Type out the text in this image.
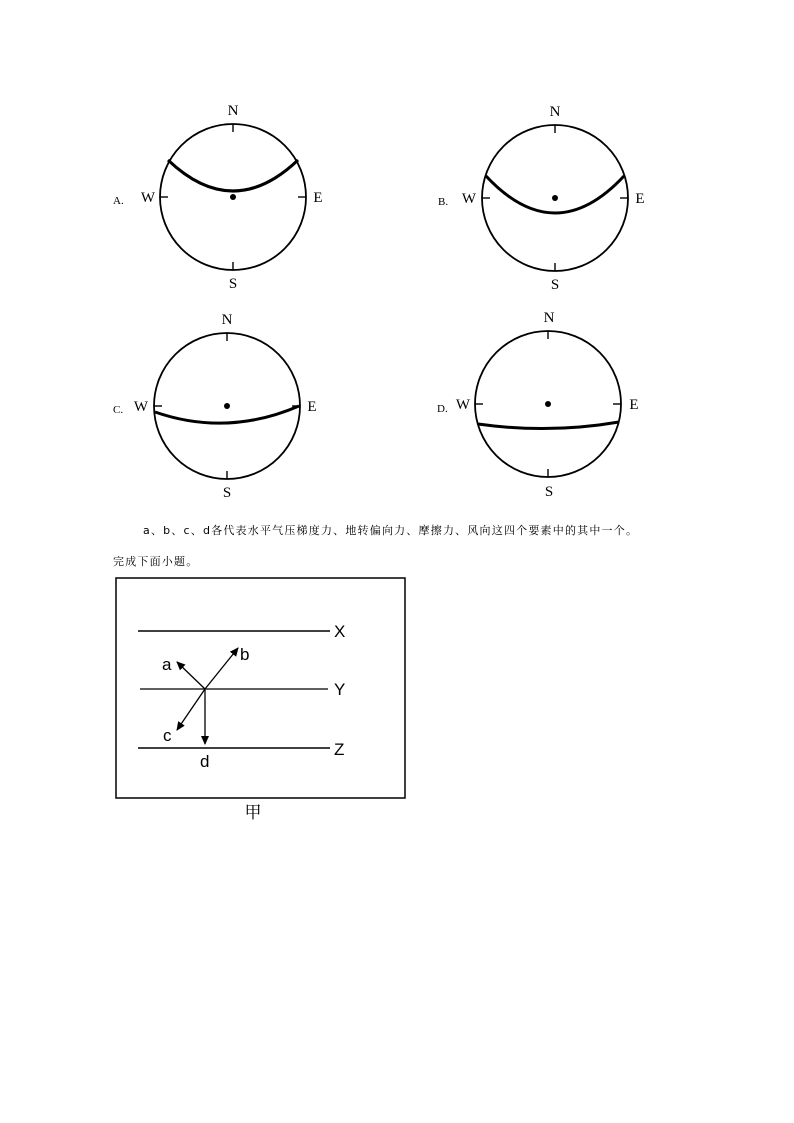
N
S
W	E
A.
N
S
W	E
B.
N
S
W	E
C.
N
S
W	E
D.
X
Y
Z
a
b
c
d
甲
a、b、c、d各代表水平气压梯度力、地转偏向力、摩擦力、风向这四个要素中的其中一个。
完成下面小题。
